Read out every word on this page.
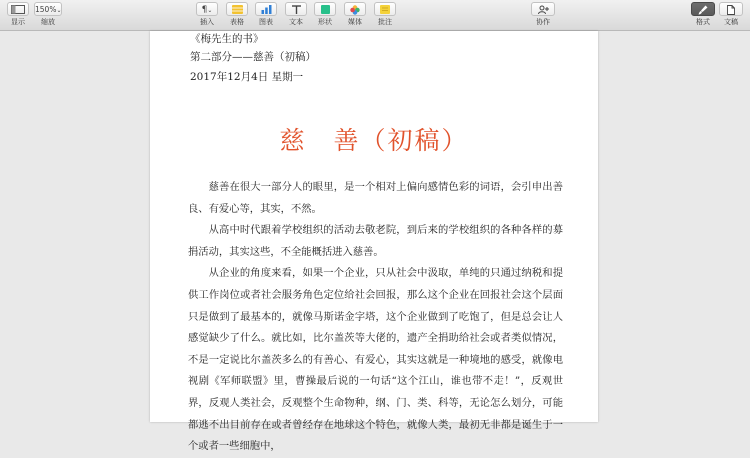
显示
150%⌄
缩放
¶⌄
插入	表格	图表	文本	形状	媒体	批注	协作	格式	文稿
《梅先生的书》
第二部分——慈善（初稿）
2017年12月4日 星期一
慈　善（初稿）

慈善在很大一部分人的眼里，是一个相对上偏向感情色彩的词语，会引申出善良、有爱心等，其实，不然。

从高中时代跟着学校组织的活动去敬老院，到后来的学校组织的各种各样的募捐活动，其实这些，不全能概括进入慈善。

从企业的角度来看，如果一个企业，只从社会中汲取，单纯的只通过纳税和提供工作岗位或者社会服务角色定位给社会回报，那么这个企业在回报社会这个层面只是做到了最基本的，就像马斯诺金字塔，这个企业做到了吃饱了，但是总会让人感觉缺少了什么。就比如，比尔盖茨等大佬的，遗产全捐助给社会或者类似情况，不是一定说比尔盖茨多么的有善心、有爱心，其实这就是一种境地的感受，就像电视剧《军师联盟》里，曹操最后说的一句话“这个江山，谁也带不走！”，反观世界，反观人类社会，反观整个生命物种，纲、门、类、科等，无论怎么划分，可能都逃不出目前存在或者曾经存在地球这个特色，就像人类，最初无非都是诞生于一个或者一些细胞中，
